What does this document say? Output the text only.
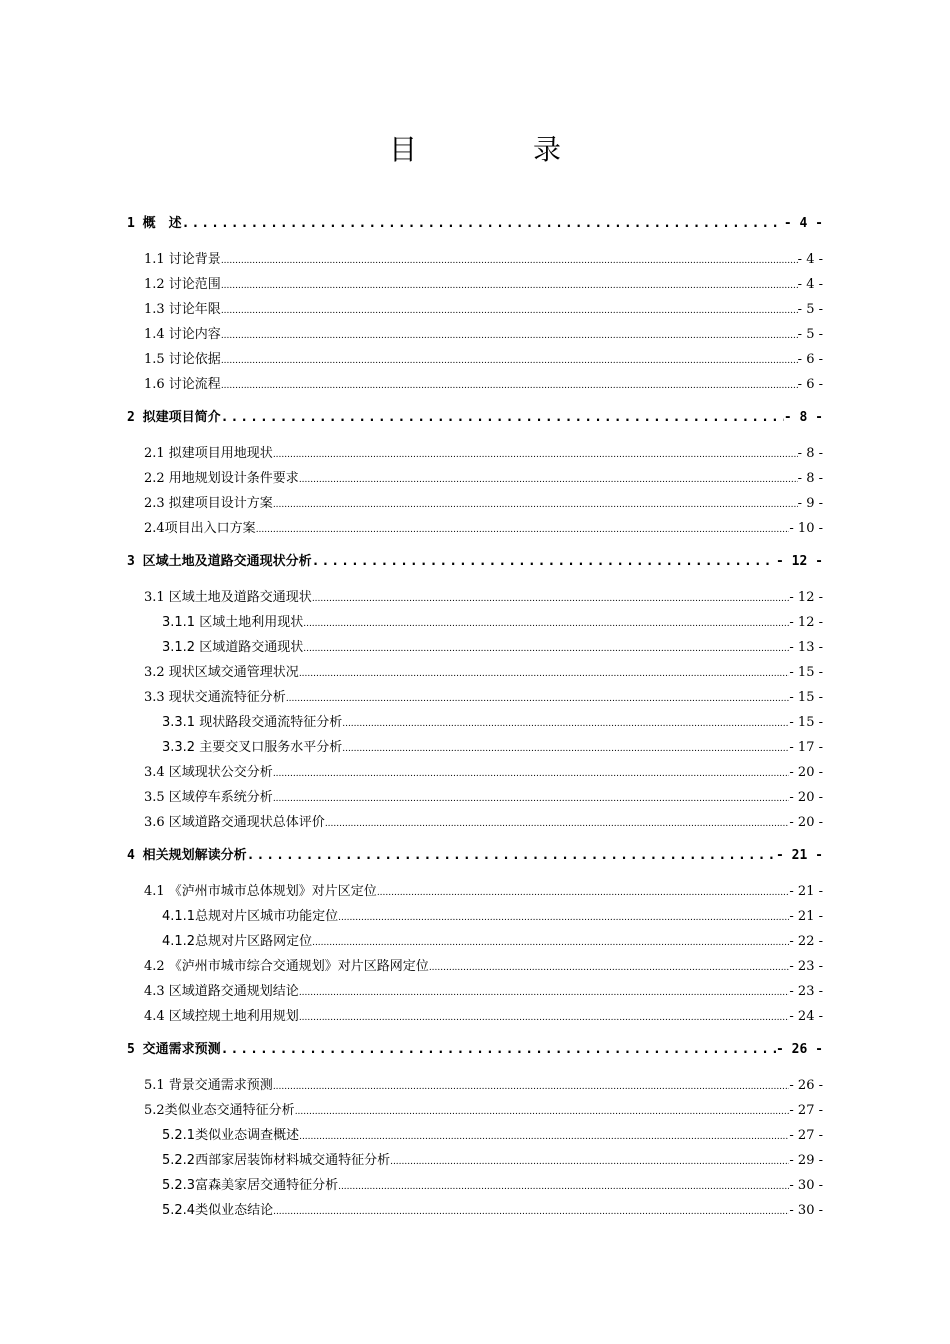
目　录
1 概　述 .....	- 4 -
1.1 讨论背景 .....	- 4 -
1.2 讨论范围 .....	- 4 -
1.3 讨论年限 .....	- 5 -
1.4 讨论内容 .....	- 5 -
1.5 讨论依据 .....	- 6 -
1.6 讨论流程 .....	- 6 -
2 拟建项目简介 .....	- 8 -
2.1 拟建项目用地现状 .....	- 8 -
2.2 用地规划设计条件要求 .....	- 8 -
2.3 拟建项目设计方案 .....	- 9 -
2.4项目出入口方案 .....	- 10 -
3 区域土地及道路交通现状分析 .....	- 12 -
3.1 区域土地及道路交通现状 .....	- 12 -
3.1.1 区域土地利用现状 .....	- 12 -
3.1.2 区域道路交通现状 .....	- 13 -
3.2 现状区域交通管理状况 .....	- 15 -
3.3 现状交通流特征分析 .....	- 15 -
3.3.1 现状路段交通流特征分析 .....	- 15 -
3.3.2 主要交叉口服务水平分析 .....	- 17 -
3.4 区域现状公交分析 .....	- 20 -
3.5 区域停车系统分析 .....	- 20 -
3.6 区域道路交通现状总体评价 .....	- 20 -
4 相关规划解读分析 .....	- 21 -
4.1 《泸州市城市总体规划》对片区定位 .....	- 21 -
4.1.1总规对片区城市功能定位 .....	- 21 -
4.1.2总规对片区路网定位 .....	- 22 -
4.2 《泸州市城市综合交通规划》对片区路网定位 .....	- 23 -
4.3 区域道路交通规划结论 .....	- 23 -
4.4 区域控规土地利用规划 .....	- 24 -
5 交通需求预测 .....	- 26 -
5.1 背景交通需求预测 .....	- 26 -
5.2类似业态交通特征分析 .....	- 27 -
5.2.1类似业态调查概述 .....	- 27 -
5.2.2西部家居装饰材料城交通特征分析 .....	- 29 -
5.2.3富森美家居交通特征分析 .....	- 30 -
5.2.4类似业态结论 .....	- 30 -
